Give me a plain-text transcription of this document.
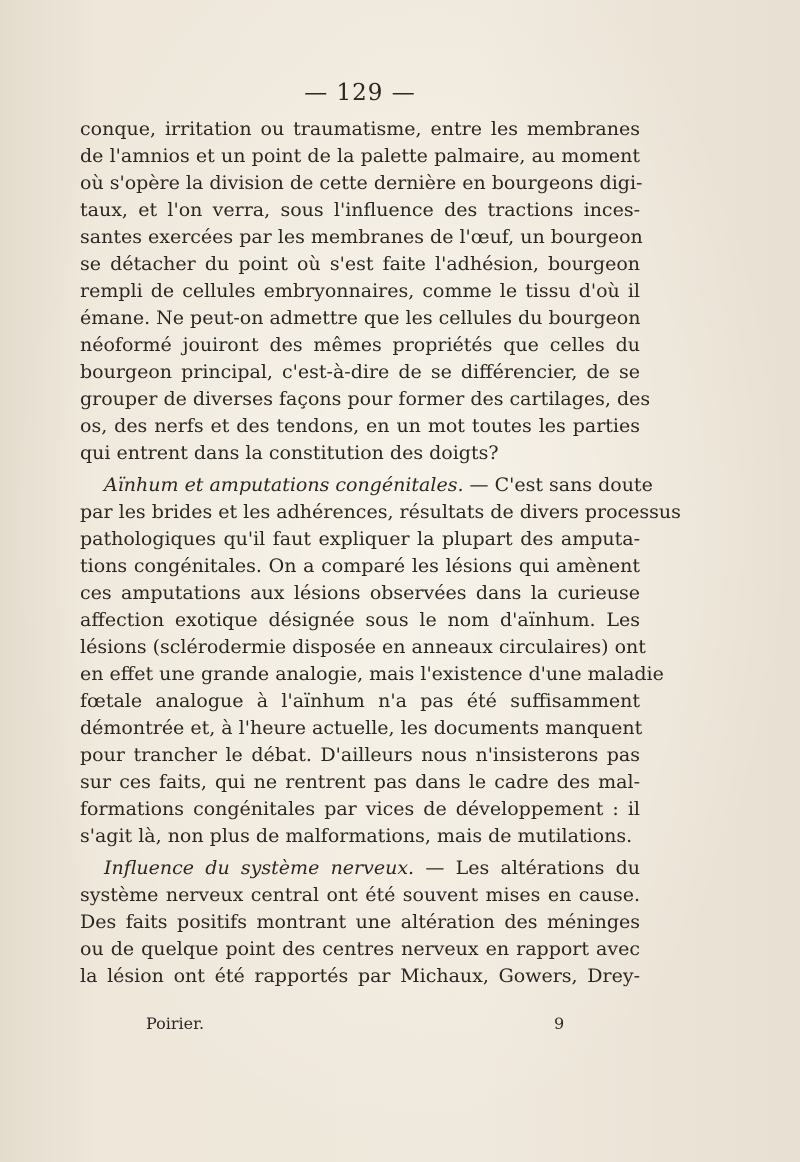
— 129 —
conque, irritation ou traumatisme, entre les membranes
de l'amnios et un point de la palette palmaire, au moment
où s'opère la division de cette dernière en bourgeons digi-
taux, et l'on verra, sous l'influence des tractions inces-
santes exercées par les membranes de l'œuf, un bourgeon
se détacher du point où s'est faite l'adhésion, bourgeon
rempli de cellules embryonnaires, comme le tissu d'où il
émane. Ne peut-on admettre que les cellules du bourgeon
néoformé jouiront des mêmes propriétés que celles du
bourgeon principal, c'est-à-dire de se différencier, de se
grouper de diverses façons pour former des cartilages, des
os, des nerfs et des tendons, en un mot toutes les parties
qui entrent dans la constitution des doigts?
Aïnhum et amputations congénitales. — C'est sans doute
par les brides et les adhérences, résultats de divers processus
pathologiques qu'il faut expliquer la plupart des amputa-
tions congénitales. On a comparé les lésions qui amènent
ces amputations aux lésions observées dans la curieuse
affection exotique désignée sous le nom d'aïnhum. Les
lésions (sclérodermie disposée en anneaux circulaires) ont
en effet une grande analogie, mais l'existence d'une maladie
fœtale analogue à l'aïnhum n'a pas été suffisamment
démontrée et, à l'heure actuelle, les documents manquent
pour trancher le débat. D'ailleurs nous n'insisterons pas
sur ces faits, qui ne rentrent pas dans le cadre des mal-
formations congénitales par vices de développement : il
s'agit là, non plus de malformations, mais de mutilations.
Influence du système nerveux. — Les altérations du
système nerveux central ont été souvent mises en cause.
Des faits positifs montrant une altération des méninges
ou de quelque point des centres nerveux en rapport avec
la lésion ont été rapportés par Michaux, Gowers, Drey-
Poirier.	9
